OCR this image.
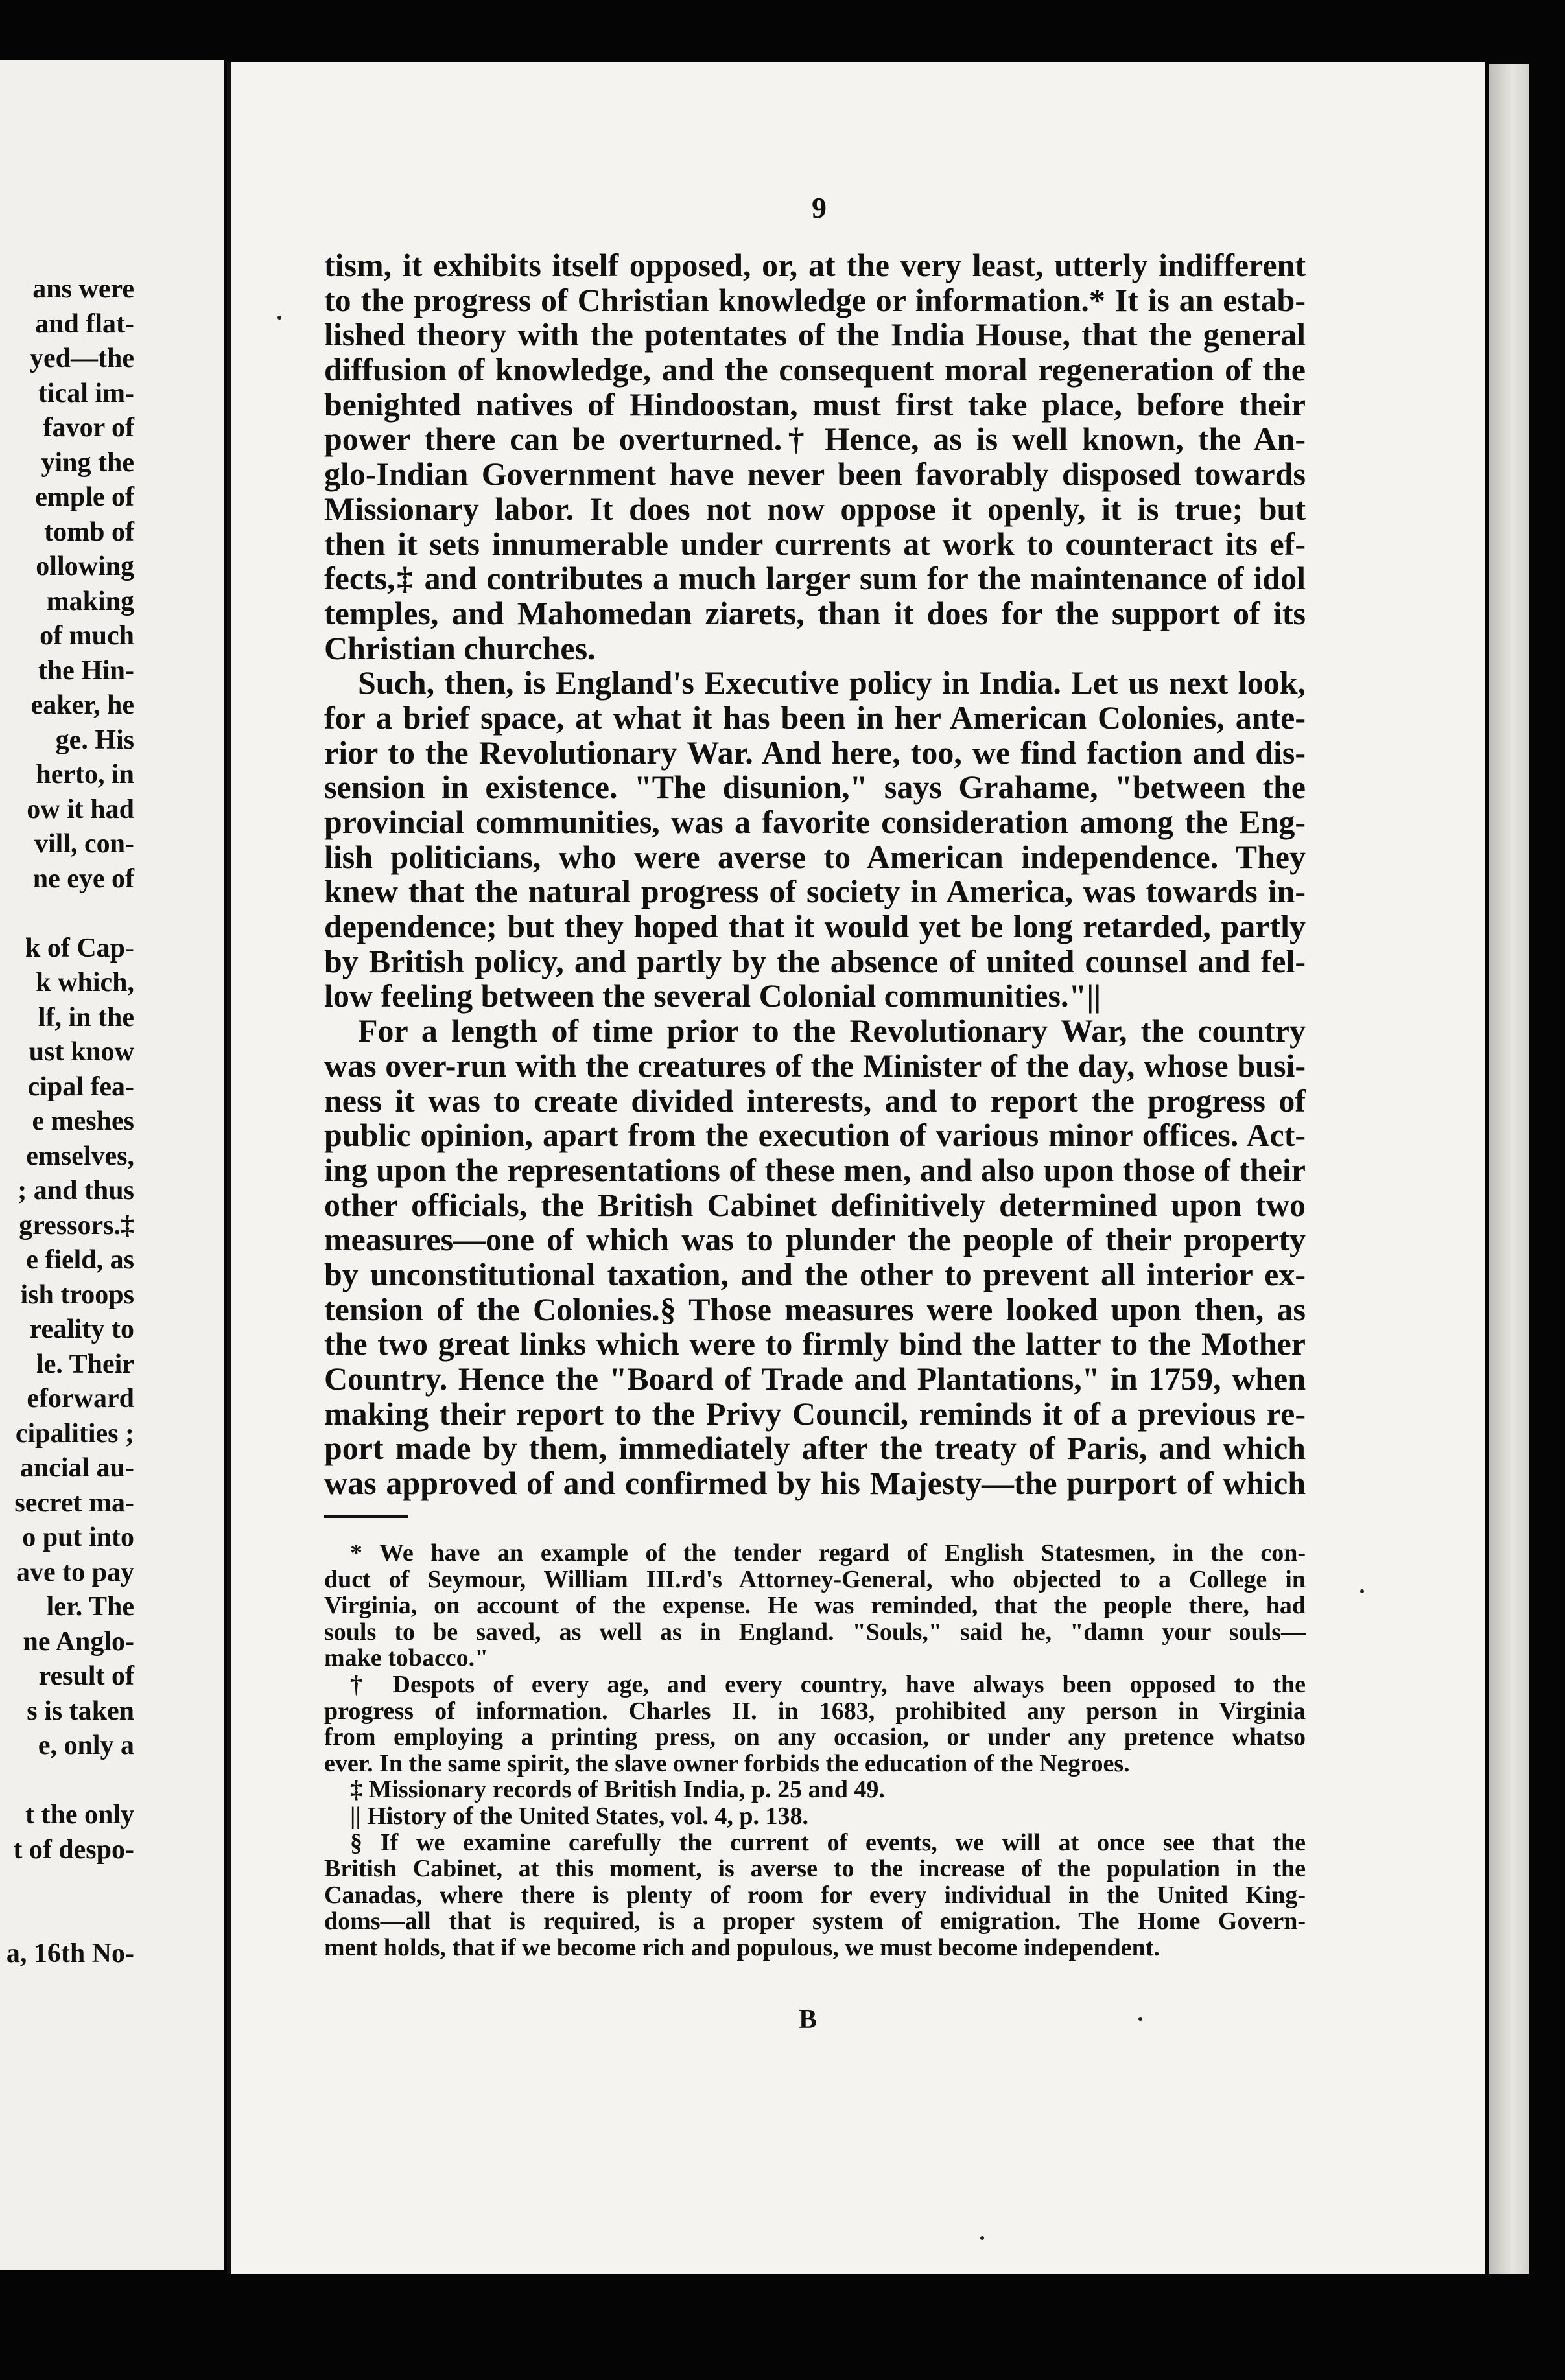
ans were
and flat-
yed—the
tical im-
favor of
ying the
emple of
tomb of
ollowing
making
of much
the Hin-
eaker, he
ge. His
herto, in
ow it had
vill, con-
ne eye of
k of Cap-
k which,
lf, in the
ust know
cipal fea-
e meshes
emselves,
; and thus
gressors.‡
e field, as
ish troops
reality to
le. Their
eforward
cipalities ;
ancial au-
secret ma-
o put into
ave to pay
ler. The
ne Anglo-
result of
s is taken
e, only a
t the only
t of despo-
a, 16th No-
9
tism, it exhibits itself opposed, or, at the very least, utterly indifferent
to the progress of Christian knowledge or information.* It is an estab-
lished theory with the potentates of the India House, that the general
diffusion of knowledge, and the consequent moral regeneration of the
benighted natives of Hindoostan, must first take place, before their
power there can be overturned.† Hence, as is well known, the An-
glo-Indian Government have never been favorably disposed towards
Missionary labor. It does not now oppose it openly, it is true; but
then it sets innumerable under currents at work to counteract its ef-
fects,‡ and contributes a much larger sum for the maintenance of idol
temples, and Mahomedan ziarets, than it does for the support of its
Christian churches.
Such, then, is England's Executive policy in India. Let us next look,
for a brief space, at what it has been in her American Colonies, ante-
rior to the Revolutionary War. And here, too, we find faction and dis-
sension in existence. "The disunion," says Grahame, "between the
provincial communities, was a favorite consideration among the Eng-
lish politicians, who were averse to American independence. They
knew that the natural progress of society in America, was towards in-
dependence; but they hoped that it would yet be long retarded, partly
by British policy, and partly by the absence of united counsel and fel-
low feeling between the several Colonial communities."||
For a length of time prior to the Revolutionary War, the country
was over-run with the creatures of the Minister of the day, whose busi-
ness it was to create divided interests, and to report the progress of
public opinion, apart from the execution of various minor offices. Act-
ing upon the representations of these men, and also upon those of their
other officials, the British Cabinet definitively determined upon two
measures—one of which was to plunder the people of their property
by unconstitutional taxation, and the other to prevent all interior ex-
tension of the Colonies.§ Those measures were looked upon then, as
the two great links which were to firmly bind the latter to the Mother
Country. Hence the "Board of Trade and Plantations," in 1759, when
making their report to the Privy Council, reminds it of a previous re-
port made by them, immediately after the treaty of Paris, and which
was approved of and confirmed by his Majesty—the purport of which
* We have an example of the tender regard of English Statesmen, in the con-
duct of Seymour, William III.rd's Attorney-General, who objected to a College in
Virginia, on account of the expense. He was reminded, that the people there, had
souls to be saved, as well as in England. "Souls," said he, "damn your souls—
make tobacco."
† Despots of every age, and every country, have always been opposed to the
progress of information. Charles II. in 1683, prohibited any person in Virginia
from employing a printing press, on any occasion, or under any pretence whatso
ever. In the same spirit, the slave owner forbids the education of the Negroes.
‡ Missionary records of British India, p. 25 and 49.
|| History of the United States, vol. 4, p. 138.
§ If we examine carefully the current of events, we will at once see that the
British Cabinet, at this moment, is averse to the increase of the population in the
Canadas, where there is plenty of room for every individual in the United King-
doms—all that is required, is a proper system of emigration. The Home Govern-
ment holds, that if we become rich and populous, we must become independent.
B
